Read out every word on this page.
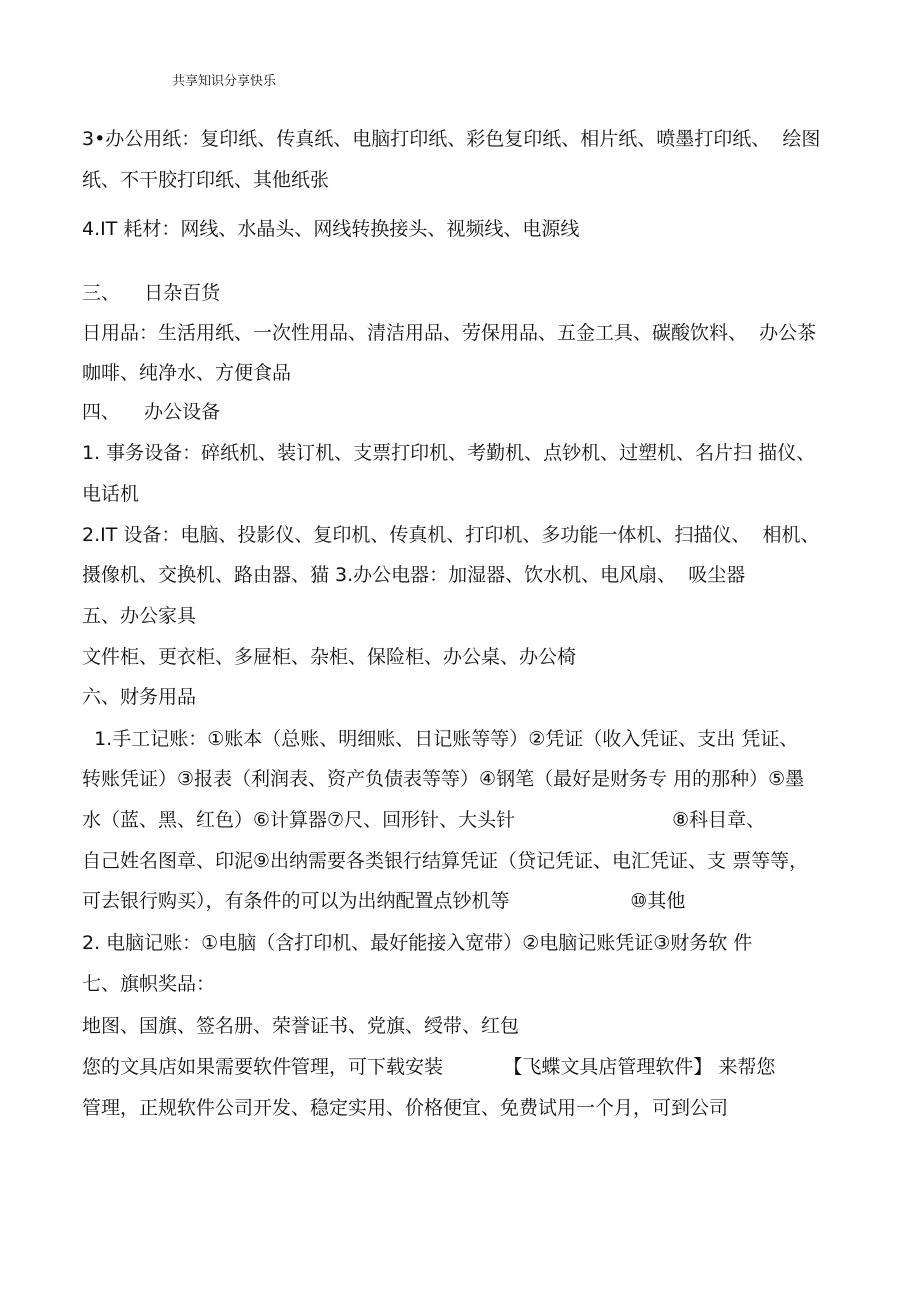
共享知识分享快乐
3•办公用纸：复印纸、传真纸、电脑打印纸、彩色复印纸、相片纸、喷墨打印纸、  绘图
纸、不干胶打印纸、其他纸张
4.IT 耗材：网线、水晶头、网线转换接头、视频线、电源线
三、    日杂百货
日用品：生活用纸、一次性用品、清洁用品、劳保用品、五金工具、碳酸饮料、  办公茶
咖啡、纯净水、方便食品
四、    办公设备
1. 事务设备：碎纸机、装订机、支票打印机、考勤机、点钞机、过塑机、名片扫 描仪、
电话机
2.IT 设备：电脑、投影仪、复印机、传真机、打印机、多功能一体机、扫描仪、  相机、
摄像机、交换机、路由器、猫 3.办公电器：加湿器、饮水机、电风扇、  吸尘器
五、办公家具
文件柜、更衣柜、多屉柜、杂柜、保险柜、办公桌、办公椅
六、财务用品
1.手工记账：①账本（总账、明细账、日记账等等）②凭证（收入凭证、支出 凭证、
转账凭证）③报表（利润表、资产负债表等等）④钢笔（最好是财务专 用的那种）⑤墨
水（蓝、黑、红色）⑥计算器⑦尺、回形针、大头针                          ⑧科目章、
自己姓名图章、印泥⑨出纳需要各类银行结算凭证（贷记凭证、电汇凭证、支 票等等，
可去银行购买），有条件的可以为出纳配置点钞机等                    ⑩其他
2. 电脑记账：①电脑（含打印机、最好能接入宽带）②电脑记账凭证③财务软 件
七、旗帜奖品：
地图、国旗、签名册、荣誉证书、党旗、绶带、红包
您的文具店如果需要软件管理，可下载安装          【飞蝶文具店管理软件】 来帮您
管理，正规软件公司开发、稳定实用、价格便宜、免费试用一个月，可到公司
